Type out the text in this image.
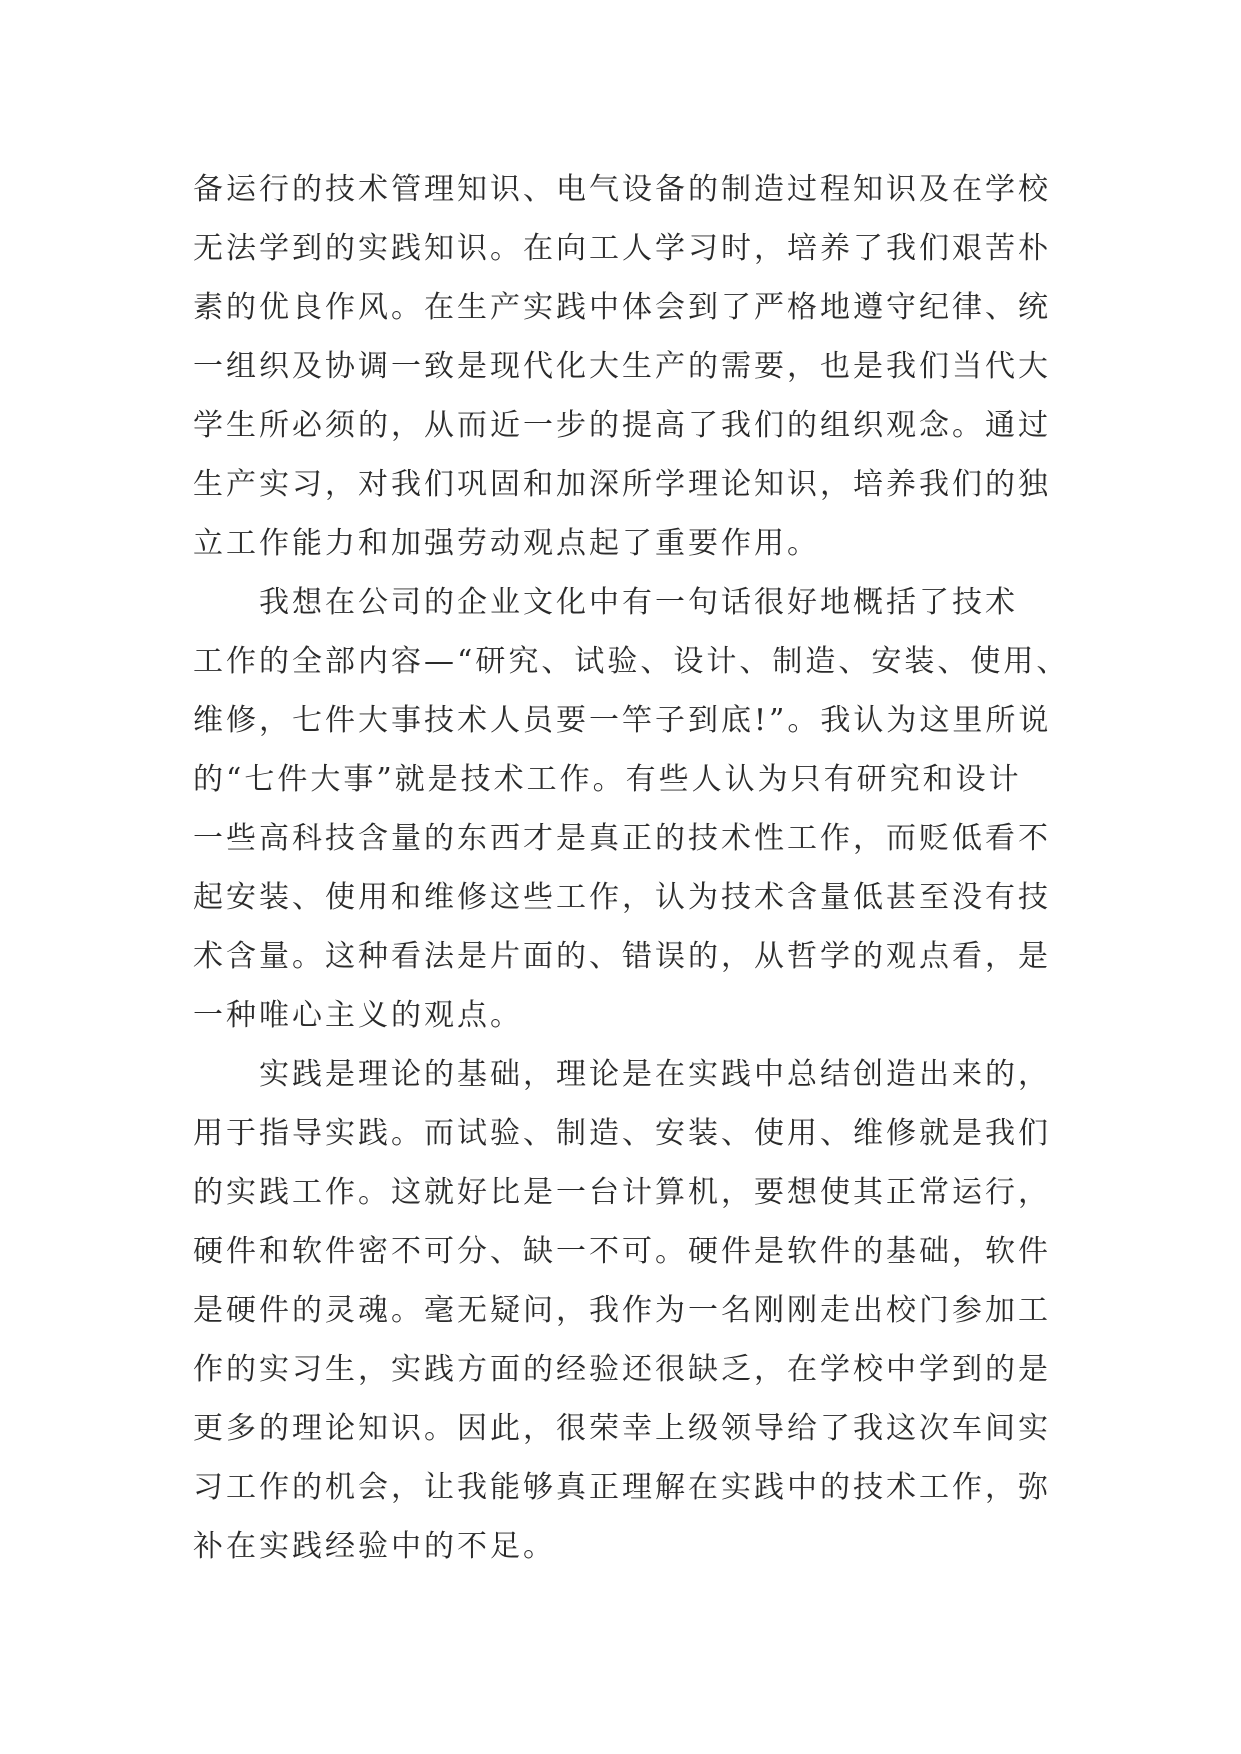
备运行的技术管理知识、电气设备的制造过程知识及在学校
无法学到的实践知识。在向工人学习时，培养了我们艰苦朴
素的优良作风。在生产实践中体会到了严格地遵守纪律、统
一组织及协调一致是现代化大生产的需要，也是我们当代大
学生所必须的，从而近一步的提高了我们的组织观念。通过
生产实习，对我们巩固和加深所学理论知识，培养我们的独
立工作能力和加强劳动观点起了重要作用。
我想在公司的企业文化中有一句话很好地概括了技术
工作的全部内容—“研究、试验、设计、制造、安装、使用、
维修，七件大事技术人员要一竿子到底!”。我认为这里所说
的“七件大事”就是技术工作。有些人认为只有研究和设计
一些高科技含量的东西才是真正的技术性工作，而贬低看不
起安装、使用和维修这些工作，认为技术含量低甚至没有技
术含量。这种看法是片面的、错误的，从哲学的观点看，是
一种唯心主义的观点。
实践是理论的基础，理论是在实践中总结创造出来的，
用于指导实践。而试验、制造、安装、使用、维修就是我们
的实践工作。这就好比是一台计算机，要想使其正常运行，
硬件和软件密不可分、缺一不可。硬件是软件的基础，软件
是硬件的灵魂。毫无疑问，我作为一名刚刚走出校门参加工
作的实习生，实践方面的经验还很缺乏，在学校中学到的是
更多的理论知识。因此，很荣幸上级领导给了我这次车间实
习工作的机会，让我能够真正理解在实践中的技术工作，弥
补在实践经验中的不足。
